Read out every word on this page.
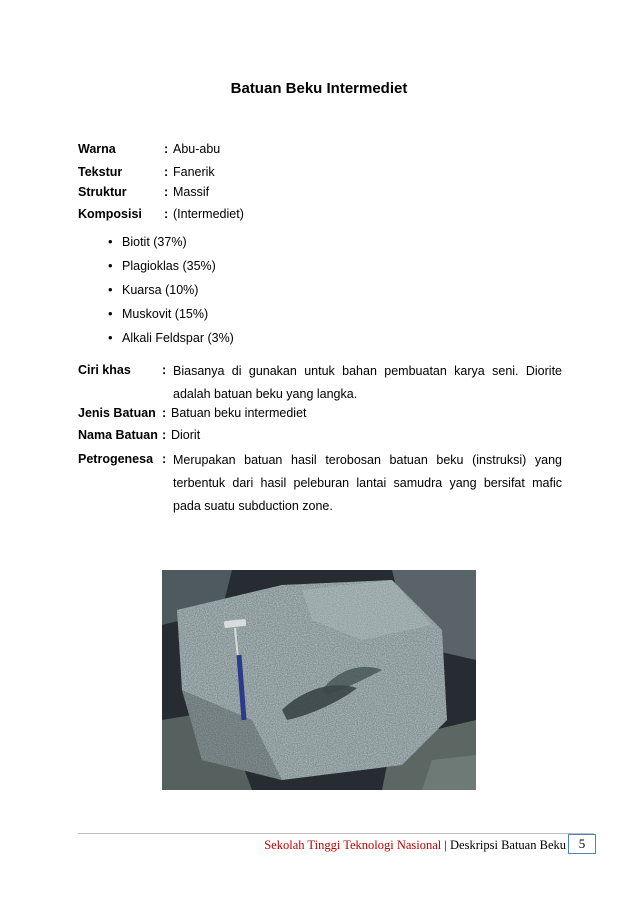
Batuan Beku Intermediet
Warna	: Abu-abu
Tekstur	: Fanerik
Struktur	: Massif
Komposisi : (Intermediet)
• Biotit (37%)
• Plagioklas (35%)
• Kuarsa (10%)
• Muskovit (15%)
• Alkali Feldspar (3%)
Ciri khas : Biasanya di gunakan untuk bahan pembuatan karya seni. Diorite adalah batuan beku yang langka.
Jenis Batuan : Batuan beku intermediet
Nama Batuan : Diorit
Petrogenesa : Merupakan batuan hasil terobosan batuan beku (instruksi) yang terbentuk dari hasil peleburan lantai samudra yang bersifat mafic pada suatu subduction zone.
Sekolah Tinggi Teknologi Nasional | Deskripsi Batuan Beku 5
